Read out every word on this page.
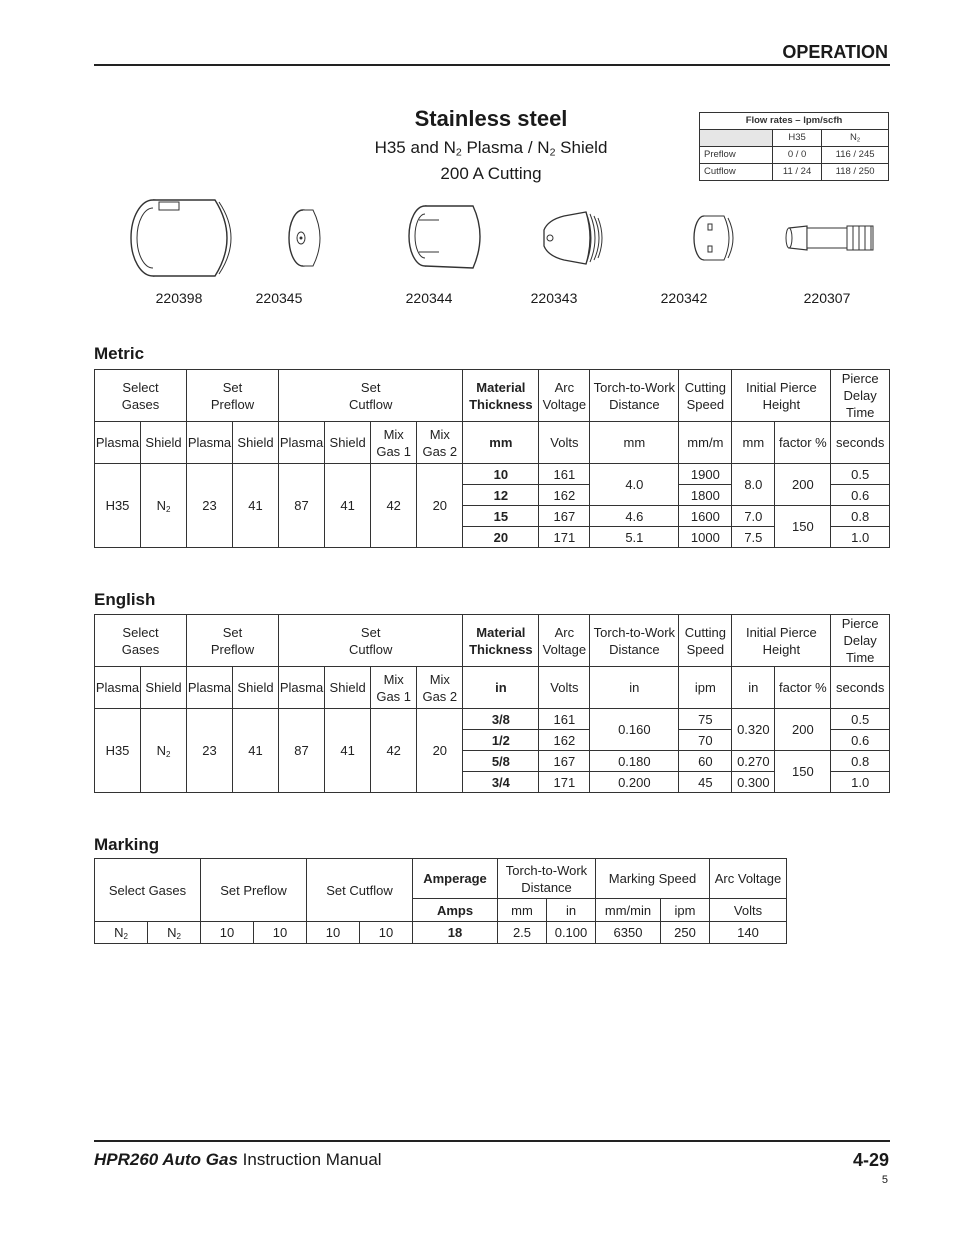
OPERATION
Stainless steel
H35 and $N_2$ Plasma / $N_2$ Shield
200 A Cutting
Flow rates – lpm/scfh		
	H35	$N_2$
Preflow	0 / 0	116 / 245
Cutflow	11 / 24	118 / 250
220398	220345	220344	220343	220342	220307
Metric
Select Gases		Set Preflow		Set Cutflow				Material Thickness	Arc Voltage	Torch-to-Work Distance	Cutting Speed	Initial Pierce Height		Pierce Delay Time
Plasma	Shield	Plasma	Shield	Plasma	Shield	Mix Gas 1	Mix Gas 2	mm	Volts	mm	mm/m	mm	factor %	seconds
H35	$N_2$	23	41	87	41	42	20	10	161	4.0	1900	8.0	200	0.5
								12	162		1800			0.6
								15	167	4.6	1600	7.0	150	0.8
								20	171	5.1	1000	7.5		1.0
English
Select Gases		Set Preflow		Set Cutflow				Material Thickness	Arc Voltage	Torch-to-Work Distance	Cutting Speed	Initial Pierce Height		Pierce Delay Time
Plasma	Shield	Plasma	Shield	Plasma	Shield	Mix Gas 1	Mix Gas 2	in	Volts	in	ipm	in	factor %	seconds
H35	$N_2$	23	41	87	41	42	20	3/8	161	0.160	75	0.320	200	0.5
								1/2	162		70			0.6
								5/8	167	0.180	60	0.270	150	0.8
								3/4	171	0.200	45	0.300		1.0
Marking
Select Gases		Set Preflow		Set Cutflow		Amperage	Torch-to-Work Distance		Marking Speed		Arc Voltage
						Amps	mm	in	mm/min	ipm	Volts
$N_2$	$N_2$	10	10	10	10	18	2.5	0.100	6350	250	140
HPR260 Auto Gas Instruction Manual	4-29
5
